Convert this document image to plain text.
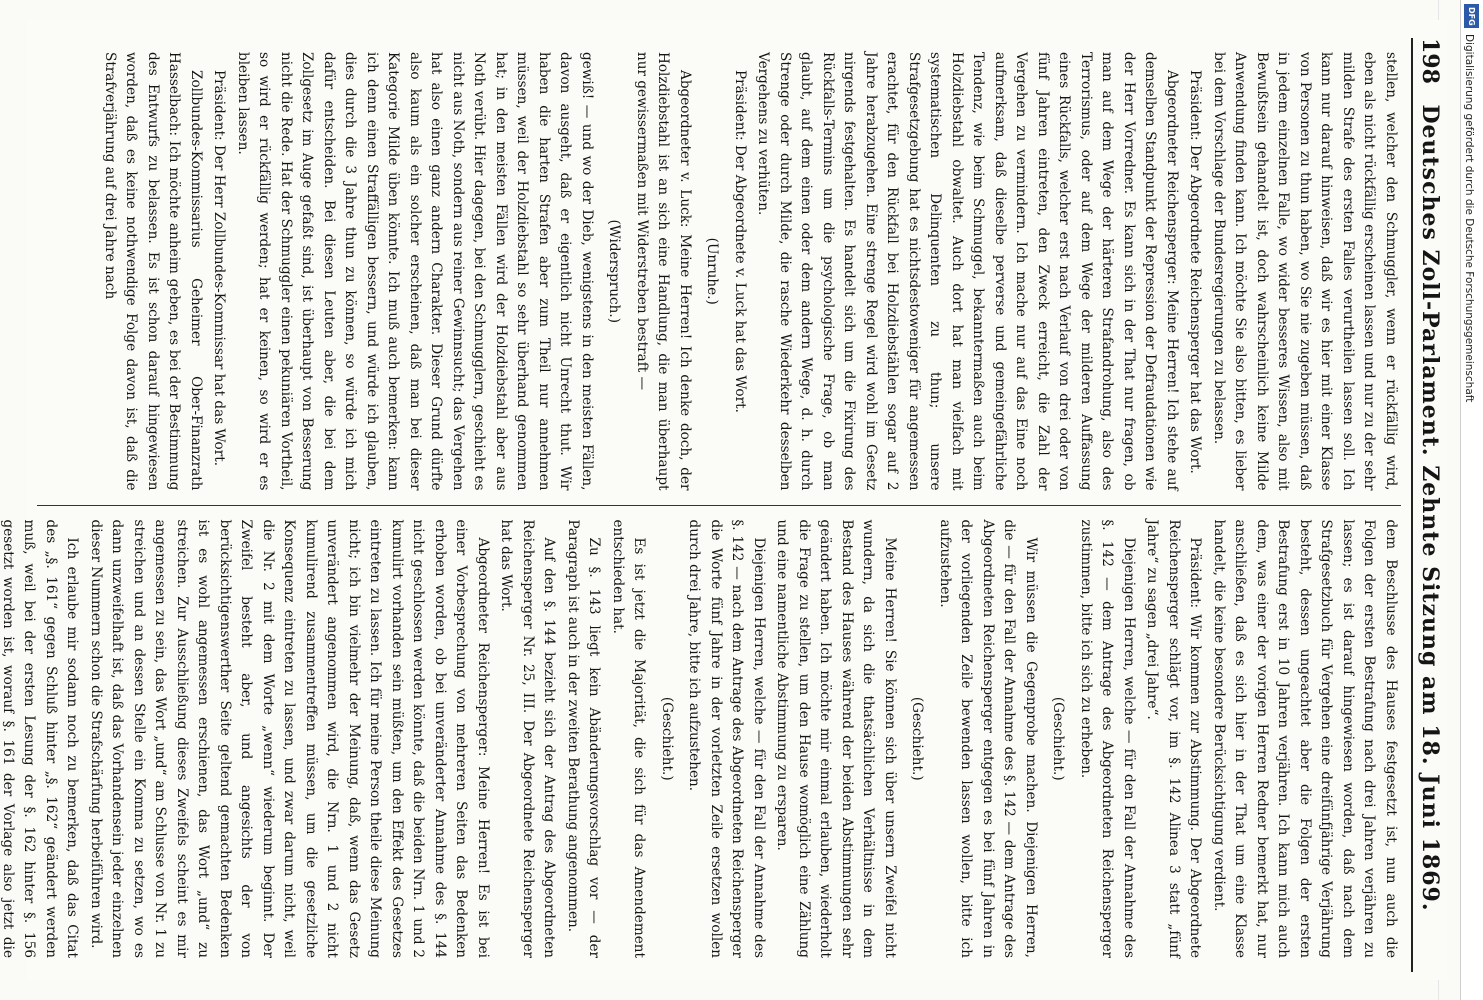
198
Deutsches Zoll-Parlament. Zehnte Sitzung am 18. Juni 1869.

stellen, welcher den Schmuggler, wenn er rückfällig wird, eben als nicht rückfällig erscheinen lassen und nur zu der sehr milden Strafe des ersten Falles verurtheilen lassen soll. Ich kann nur darauf hinweisen, daß wir es hier mit einer Klasse von Personen zu thun haben, wo Sie nie zugeben müssen, daß in jedem einzelnen Falle, wo wider besseres Wissen, also mit Bewußtsein gehandelt ist, doch wahrscheinlich keine Milde Anwendung finden kann. Ich möchte Sie also bitten, es lieber bei dem Vorschlage der Bundesregierungen zu belassen.

Präsident: Der Abgeordnete Reichensperger hat das Wort.

Abgeordneter Reichensperger: Meine Herren! Ich stehe auf demselben Standpunkt der Repression der Defraudationen wie der Herr Vorredner. Es kann sich in der That nur fragen, ob man auf dem Wege der härteren Strafandrohung, also des Terrorismus, oder auf dem Wege der milderen Auffassung eines Rückfalls, welcher erst nach Verlauf von drei oder von fünf Jahren eintreten, den Zweck erreicht, die Zahl der Vergehen zu vermindern. Ich mache nur auf das Eine noch aufmerksam, daß dieselbe perverse und gemeingefährliche Tendenz, wie beim Schmuggel, bekanntermaßen auch beim Holzdiebstahl obwaltet. Auch dort hat man vielfach mit systematischen Delinquenten zu thun; unsere Strafgesetzgebung hat es nichtsdestoweniger für angemessen erachtet, für den Rückfall bei Holzdiebstählen sogar auf 2 Jahre herabzugehen. Eine strenge Regel wird wohl im Gesetz nirgends festgehalten. Es handelt sich um die Fixirung des Rückfalls-Termins um die psychologische Frage, ob man glaubt, auf dem einen oder dem andern Wege, d. h. durch Strenge oder durch Milde, die rasche Wiederkehr desselben Vergehens zu verhüten.

Präsident: Der Abgeordnete v. Luck hat das Wort.

(Unruhe.)

Abgeordneter v. Luck: Meine Herren! Ich denke doch, der Holzdiebstahl ist an sich eine Handlung, die man überhaupt nur gewissermaßen mit Widerstreben bestraft —

(Widerspruch.)

gewiß! — und wo der Dieb, wenigstens in den meisten Fällen, davon ausgeht, daß er eigentlich nicht Unrecht thut. Wir haben die harten Strafen aber zum Theil nur annehmen müssen, weil der Holzdiebstahl so sehr überhand genommen hat; in den meisten Fällen wird der Holzdiebstahl aber aus Noth verübt. Hier dagegen, bei den Schmugglern, geschieht es nicht aus Noth, sondern aus reiner Gewinnsucht; das Vergehen hat also einen ganz andern Charakter. Dieser Grund dürfte also kaum als ein solcher erscheinen, daß man bei dieser Kategorie Milde üben könnte. Ich muß auch bemerken: kann ich denn einen Straffälligen bessern, und würde ich glauben, dies durch die 3 Jahre thun zu können, so würde ich mich dafür entscheiden. Bei diesen Leuten aber, die bei dem Zollgesetz im Auge gefaßt sind, ist überhaupt von Besserung nicht die Rede. Hat der Schmuggler einen pekuniären Vortheil, so wird er rückfällig werden; hat er keinen, so wird er es bleiben lassen.

Präsident: Der Herr Zollbundes-Kommissar hat das Wort.

Zollbundes-Kommissarius Geheimer Ober-Finanzrath Hasselbach: Ich möchte anheim geben, es bei der Bestimmung des Entwurfs zu belassen. Es ist schon darauf hingewiesen worden, daß es keine nothwendige Folge davon ist, daß die Strafverjährung auf drei Jahre nach

dem Beschlusse des Hauses festgesetzt ist, nun auch die Folgen der ersten Bestrafung nach drei Jahren verjähren zu lassen; es ist darauf hingewiesen worden, daß nach dem Strafgesetzbuch für Vergehen eine dreifünfjährige Verjährung besteht, dessen ungeachtet aber die Folgen der ersten Bestrafung erst in 10 Jahren verjähren. Ich kann mich auch dem, was einer der vorigen Herren Redner bemerkt hat, nur anschließen, daß es sich hier in der That um eine Klasse handelt, die keine besondere Berücksichtigung verdient.

Präsident: Wir kommen zur Abstimmung. Der Abgeordnete Reichensperger schlägt vor, im §. 142 Alinea 3 statt „fünf Jahre“ zu sagen „drei Jahre“.

Diejenigen Herren, welche — für den Fall der Annahme des §. 142 — dem Antrage des Abgeordneten Reichensperger zustimmen, bitte ich sich zu erheben.

(Geschieht.)

Wir müssen die Gegenprobe machen. Diejenigen Herren, die — für den Fall der Annahme des §. 142 — dem Antrage des Abgeordneten Reichensperger entgegen es bei fünf Jahren in der vorliegenden Zeile bewenden lassen wollen, bitte ich aufzustehen.

(Geschieht.)

Meine Herren! Sie können sich über unsern Zweifel nicht wundern, da sich die thatsächlichen Verhältnisse in dem Bestand des Hauses während der beiden Abstimmungen sehr geändert haben. Ich möchte mir einmal erlauben, wiederholt die Frage zu stellen, um den Hause womöglich eine Zählung und eine namentliche Abstimmung zu ersparen.

Diejenigen Herren, welche — für den Fall der Annahme des §. 142 — nach dem Antrage des Abgeordneten Reichensperger die Worte fünf Jahre in der vorletzten Zeile ersetzen wollen durch drei Jahre, bitte ich aufzustehen.

(Geschieht.)

Es ist jetzt die Majorität, die sich für das Amendement entschieden hat.

Zu §. 143 liegt kein Abänderungsvorschlag vor — der Paragraph ist auch in der zweiten Berathung angenommen.

Auf den §. 144 bezieht sich der Antrag des Abgeordneten Reichensperger Nr. 25, III. Der Abgeordnete Reichensperger hat das Wort.

Abgeordneter Reichensperger: Meine Herren! Es ist bei einer Vorbesprechung von mehreren Seiten das Bedenken erhoben worden, ob bei unveränderter Annahme des §. 144 nicht geschlossen werden könnte, daß die beiden Nrn. 1 und 2 kumulirt vorhanden sein müßten, um den Effekt des Gesetzes eintreten zu lassen. Ich für meine Person theile diese Meinung nicht; ich bin vielmehr der Meinung, daß, wenn das Gesetz unverändert angenommen wird, die Nrn. 1 und 2 nicht kumulirend zusammentreffen müssen, um die gesetzliche Konsequenz eintreten zu lassen, und zwar darum nicht, weil die Nr. 2 mit dem Worte „wenn“ wiederum beginnt. Der Zweifel besteht aber, und angesichts der von berücksichtigenswerther Seite geltend gemachten Bedenken ist es wohl angemessen erschienen, das Wort „und“ zu streichen. Zur Ausschließung dieses Zweifels scheint es mir angemessen zu sein, das Wort „und“ am Schlusse von Nr. 1 zu streichen und an dessen Stelle ein Komma zu setzen, wo es dann unzweifelhaft ist, daß das Vorhandensein jeder einzelnen dieser Nummern schon die Strafschärfung herbeiführen wird.

Ich erlaube mir sodann noch zu bemerken, daß das Citat des „§. 161“ gegen Schluß hinter „§. 162“ geändert werden muß, weil bei der ersten Lesung der §. 162 hinter §. 156 gesetzt worden ist, worauf §. 161 der Vorlage also jetzt die

DFG
Digitalisierung gefördert durch die Deutsche Forschungsgemeinschaft
